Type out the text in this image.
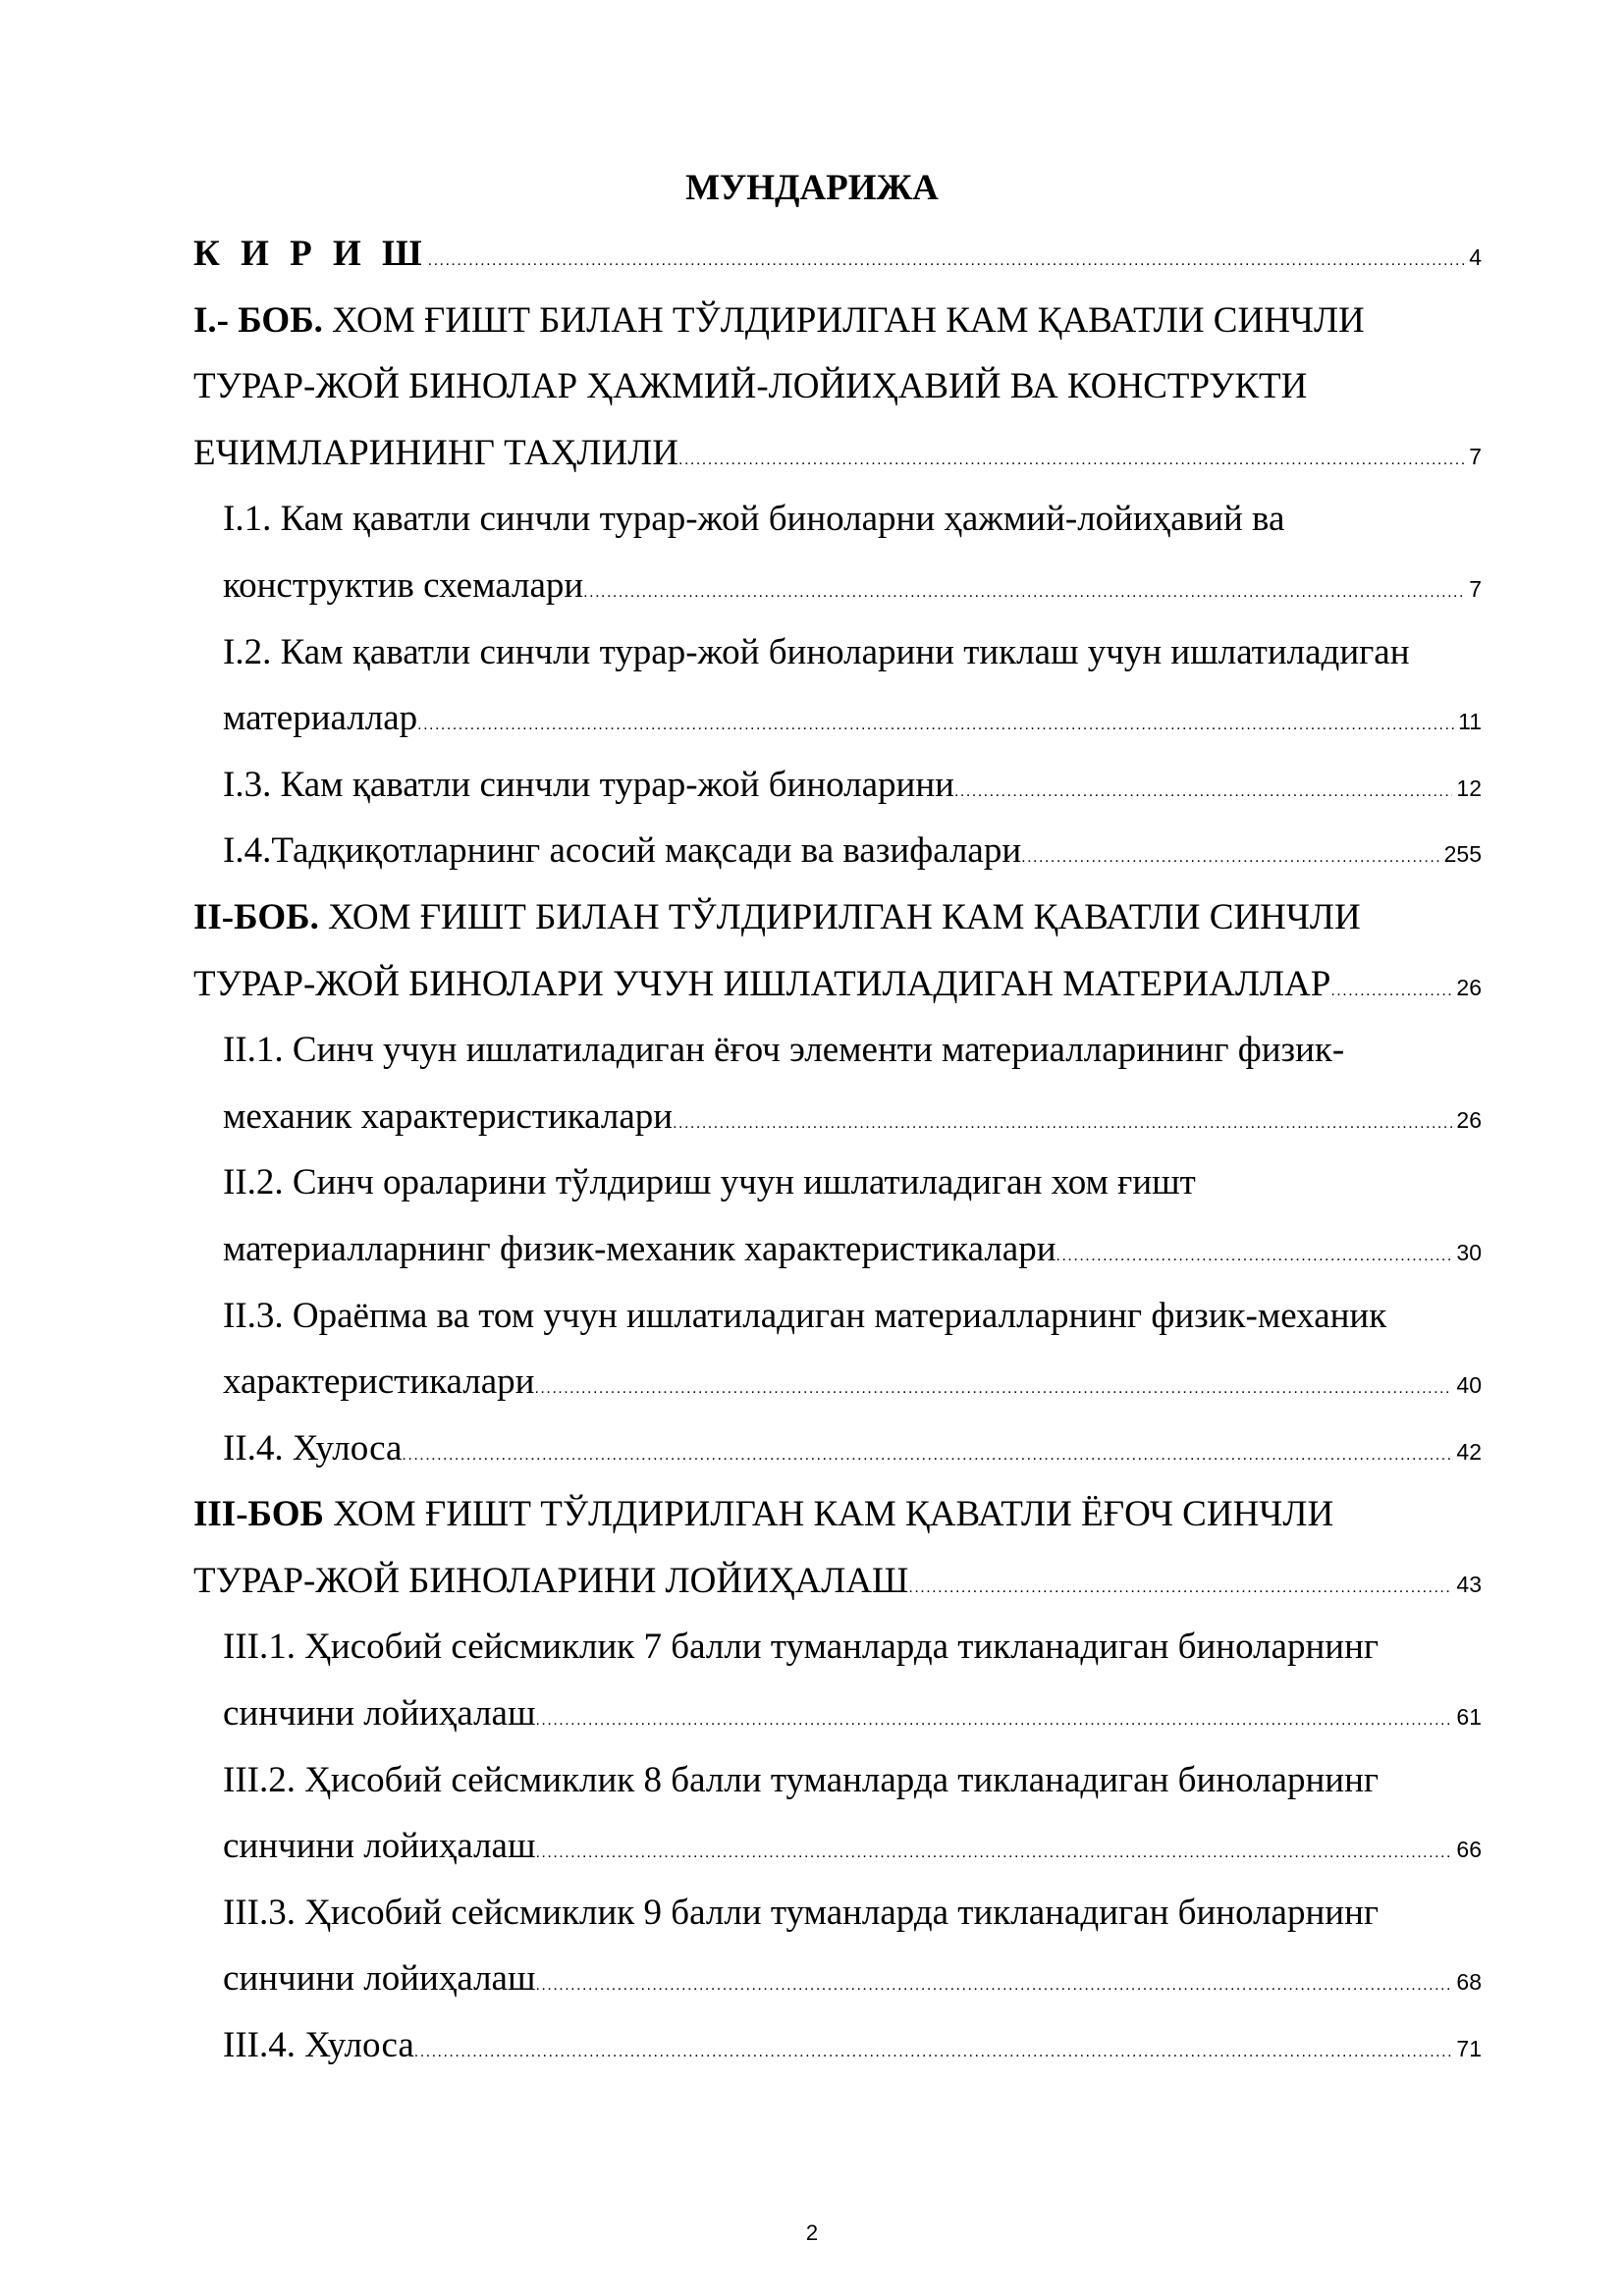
МУНДАРИЖА
К И Р И Ш .....	4
I.- БОБ. ХОМ ҒИШТ БИЛАН ТЎЛДИРИЛГАН КАМ ҚАВАТЛИ СИНЧЛИ
ТУРАР-ЖОЙ БИНОЛАР ҲАЖМИЙ-ЛОЙИҲАВИЙ ВА КОНСТРУКТИ
ЕЧИМЛАРИНИНГ ТАҲЛИЛИ .....	7
I.1. Кам қаватли синчли турар-жой биноларни ҳажмий-лойиҳавий ва
конструктив схемалари .....	7
I.2. Кам қаватли синчли турар-жой биноларини тиклаш учун ишлатиладиган
материаллар .....	11
I.3. Кам қаватли синчли турар-жой биноларини .....	12
I.4.Тадқиқотларнинг асосий мақсади ва вазифалари .....	255
II-БОБ. ХОМ ҒИШТ БИЛАН ТЎЛДИРИЛГАН КАМ ҚАВАТЛИ СИНЧЛИ
ТУРАР-ЖОЙ БИНОЛАРИ УЧУН ИШЛАТИЛАДИГАН МАТЕРИАЛЛАР .....	26
II.1. Синч учун ишлатиладиган ёғоч элементи материалларининг физик-
механик характеристикалари .....	26
II.2. Синч ораларини тўлдириш учун ишлатиладиган хом ғишт
материалларнинг физик-механик характеристикалари .....	30
II.3. Ораёпма ва том учун ишлатиладиган материалларнинг физик-механик
характеристикалари .....	40
II.4. Хулоса .....	42
III-БОБ ХОМ ҒИШТ ТЎЛДИРИЛГАН КАМ ҚАВАТЛИ ЁҒОЧ СИНЧЛИ
ТУРАР-ЖОЙ БИНОЛАРИНИ ЛОЙИҲАЛАШ .....	43
III.1. Ҳисобий сейсмиклик 7 балли туманларда тикланадиган биноларнинг
синчини лойиҳалаш .....	61
III.2. Ҳисобий сейсмиклик 8 балли туманларда тикланадиган биноларнинг
синчини лойиҳалаш .....	66
III.3. Ҳисобий сейсмиклик 9 балли туманларда тикланадиган биноларнинг
синчини лойиҳалаш .....	68
III.4. Хулоса .....	71
2
